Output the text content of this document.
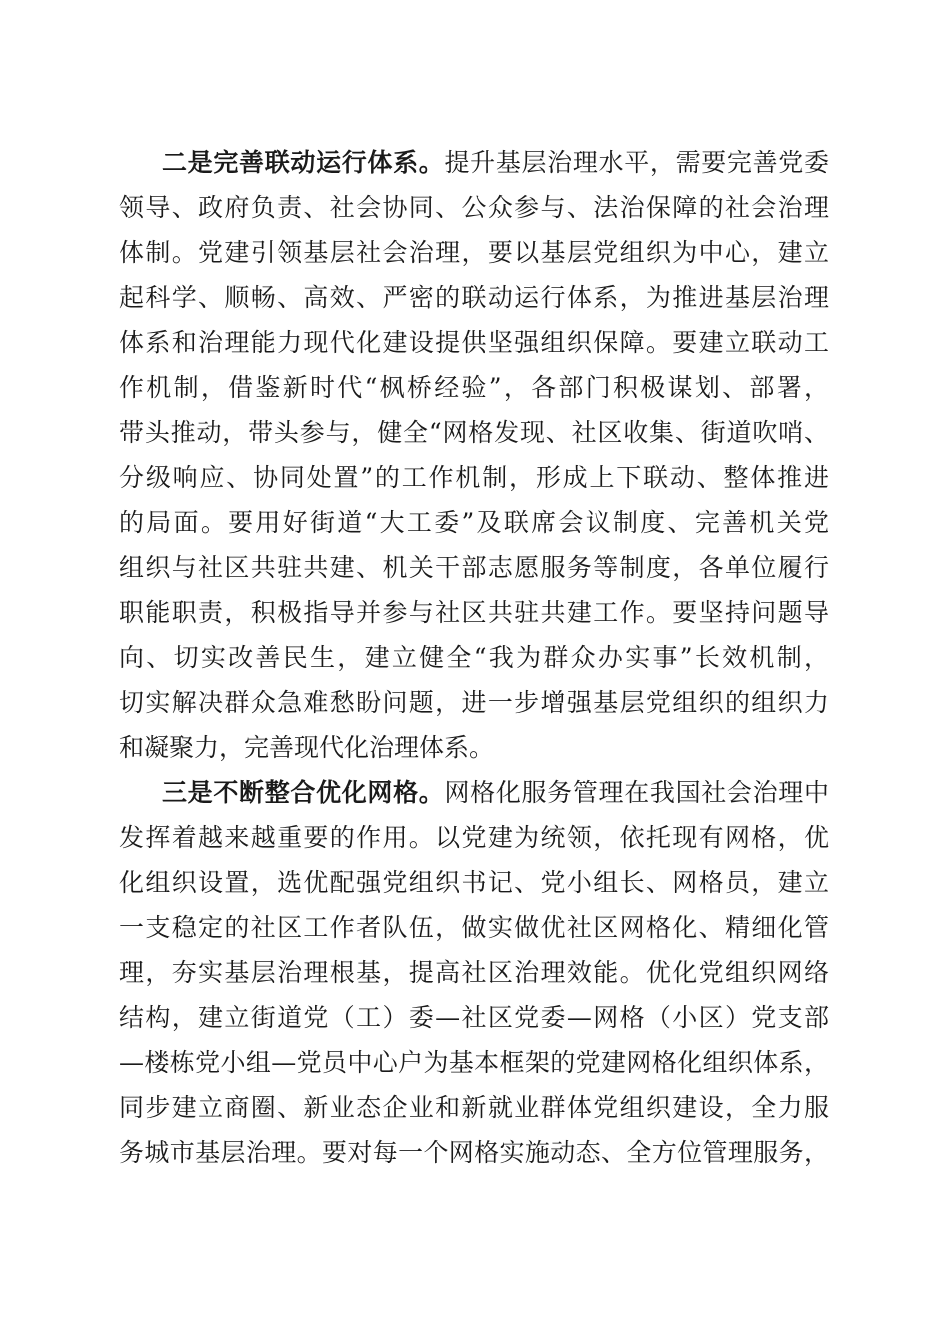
二是完善联动运行体系。提升基层治理水平，需要完善党委
领导、政府负责、社会协同、公众参与、法治保障的社会治理
体制。党建引领基层社会治理，要以基层党组织为中心，建立
起科学、顺畅、高效、严密的联动运行体系，为推进基层治理
体系和治理能力现代化建设提供坚强组织保障。要建立联动工
作机制，借鉴新时代“枫桥经验”，各部门积极谋划、部署，
带头推动，带头参与，健全“网格发现、社区收集、街道吹哨、
分级响应、协同处置”的工作机制，形成上下联动、整体推进
的局面。要用好街道“大工委”及联席会议制度、完善机关党
组织与社区共驻共建、机关干部志愿服务等制度，各单位履行
职能职责，积极指导并参与社区共驻共建工作。要坚持问题导
向、切实改善民生，建立健全“我为群众办实事”长效机制，
切实解决群众急难愁盼问题，进一步增强基层党组织的组织力
和凝聚力，完善现代化治理体系。
三是不断整合优化网格。网格化服务管理在我国社会治理中
发挥着越来越重要的作用。以党建为统领，依托现有网格，优
化组织设置，选优配强党组织书记、党小组长、网格员，建立
一支稳定的社区工作者队伍，做实做优社区网格化、精细化管
理，夯实基层治理根基，提高社区治理效能。优化党组织网络
结构，建立街道党（工）委—社区党委—网格（小区）党支部
—楼栋党小组—党员中心户为基本框架的党建网格化组织体系，
同步建立商圈、新业态企业和新就业群体党组织建设，全力服
务城市基层治理。要对每一个网格实施动态、全方位管理服务，
